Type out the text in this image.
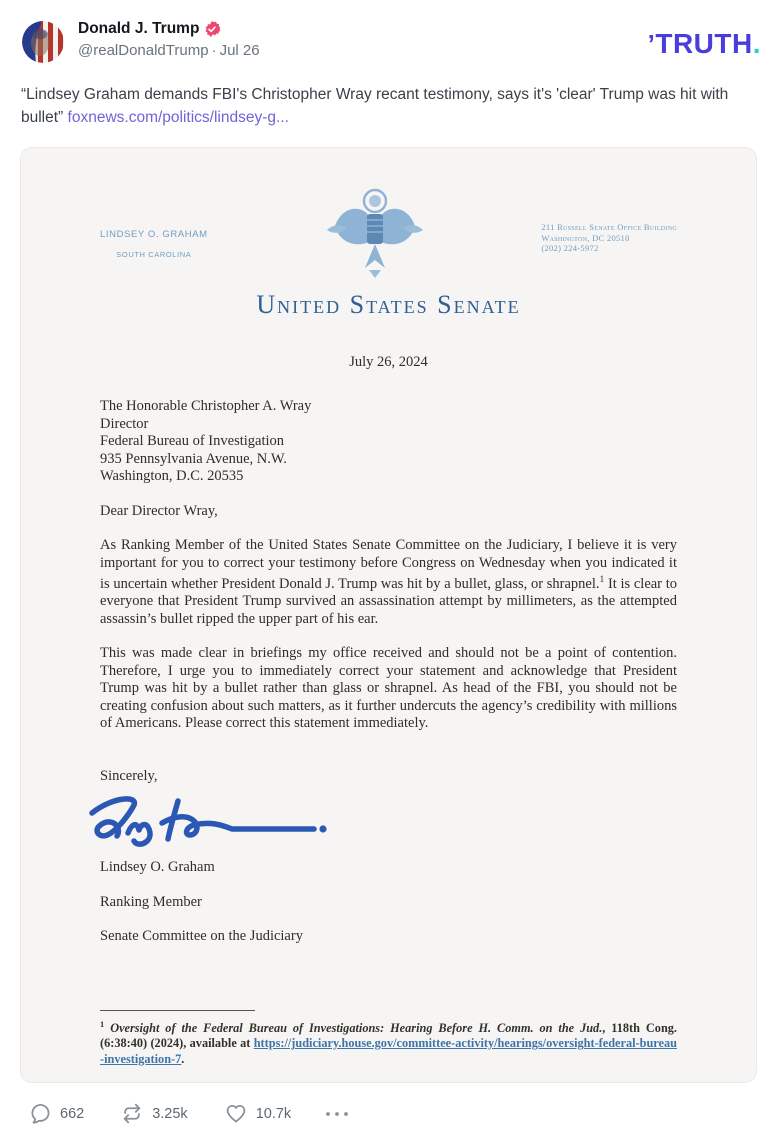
Donald J. Trump
@realDonaldTrump · Jul 26	’TRUTH.
“Lindsey Graham demands FBI's Christopher Wray recant testimony, says it's 'clear' Trump was hit with bullet” foxnews.com/politics/lindsey-g...
LINDSEY O. GRAHAM
SOUTH CAROLINA
211 Russell Senate Office Building
Washington, DC 20510
(202) 224-5972
United States Senate
July 26, 2024
The Honorable Christopher A. Wray
Director
Federal Bureau of Investigation
935 Pennsylvania Avenue, N.W.
Washington, D.C. 20535
Dear Director Wray,
As Ranking Member of the United States Senate Committee on the Judiciary, I believe it is very important for you to correct your testimony before Congress on Wednesday when you indicated it is uncertain whether President Donald J. Trump was hit by a bullet, glass, or shrapnel.$^1$ It is clear to everyone that President Trump survived an assassination attempt by millimeters, as the attempted assassin’s bullet ripped the upper part of his ear.
This was made clear in briefings my office received and should not be a point of contention. Therefore, I urge you to immediately correct your statement and acknowledge that President Trump was hit by a bullet rather than glass or shrapnel. As head of the FBI, you should not be creating confusion about such matters, as it further undercuts the agency’s credibility with millions of Americans. Please correct this statement immediately.
Sincerely,
Lindsey O. Graham
Ranking Member
Senate Committee on the Judiciary
$^1$ Oversight of the Federal Bureau of Investigations: Hearing Before H. Comm. on the Jud., 118th Cong. (6:38:40) (2024), available at https://judiciary.house.gov/committee-activity/hearings/oversight-federal-bureau-investigation-7.
662	3.25k	10.7k
